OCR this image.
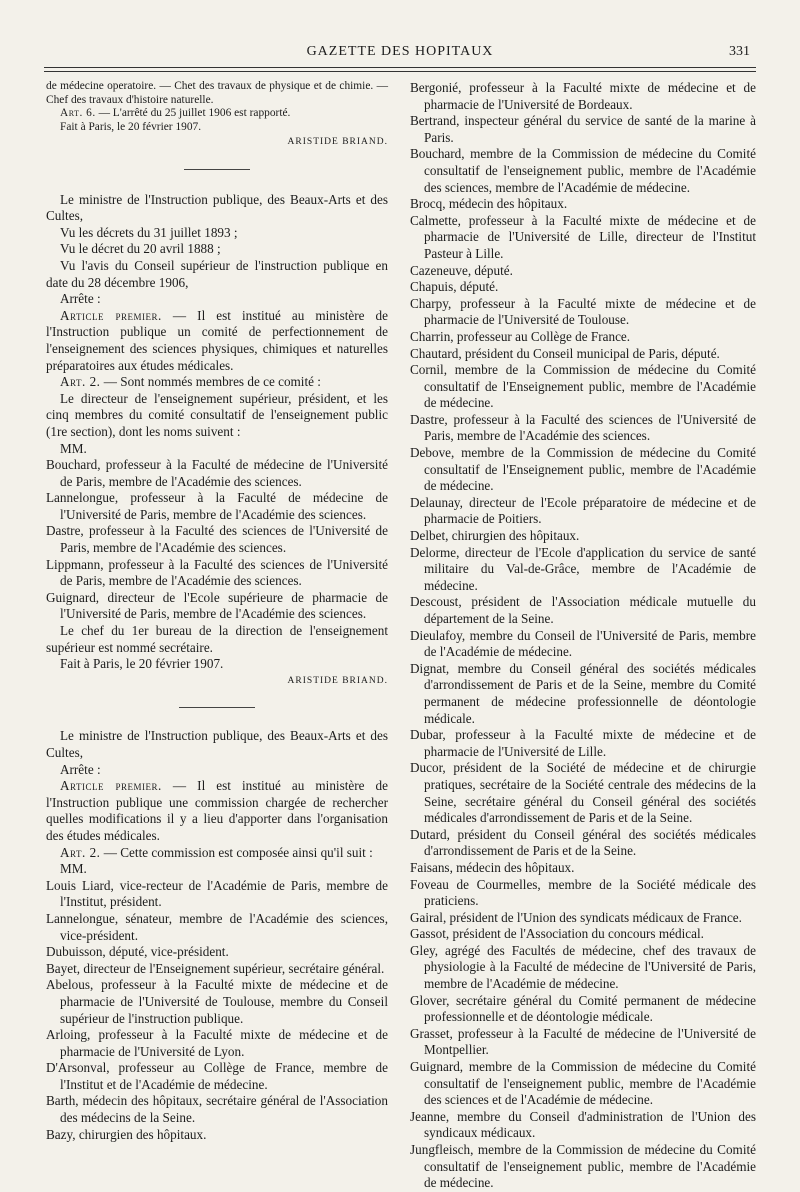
GAZETTE DES HOPITAUX	331

de médecine operatoire. — Chet des travaux de physique et de chimie. — Chef des travaux d'histoire naturelle.

Art. 6. — L'arrêté du 25 juillet 1906 est rapporté.

Fait à Paris, le 20 février 1907.

ARISTIDE BRIAND.

Le ministre de l'Instruction publique, des Beaux-Arts et des Cultes,

Vu les décrets du 31 juillet 1893 ;

Vu le décret du 20 avril 1888 ;

Vu l'avis du Conseil supérieur de l'instruction publique en date du 28 décembre 1906,

Arrête :

Article premier. — Il est institué au ministère de l'Instruction publique un comité de perfectionnement de l'enseignement des sciences physiques, chimiques et naturelles préparatoires aux études médicales.

Art. 2. — Sont nommés membres de ce comité :

Le directeur de l'enseignement supérieur, président, et les cinq membres du comité consultatif de l'enseignement public (1re section), dont les noms suivent :

MM.

Bouchard, professeur à la Faculté de médecine de l'Université de Paris, membre de l'Académie des sciences.

Lannelongue, professeur à la Faculté de médecine de l'Université de Paris, membre de l'Académie des sciences.

Dastre, professeur à la Faculté des sciences de l'Université de Paris, membre de l'Académie des sciences.

Lippmann, professeur à la Faculté des sciences de l'Université de Paris, membre de l'Académie des sciences.

Guignard, directeur de l'Ecole supérieure de pharmacie de l'Université de Paris, membre de l'Académie des sciences.

Le chef du 1er bureau de la direction de l'enseignement supérieur est nommé secrétaire.

Fait à Paris, le 20 février 1907.

ARISTIDE BRIAND.

Le ministre de l'Instruction publique, des Beaux-Arts et des Cultes,

Arrête :

Article premier. — Il est institué au ministère de l'Instruction publique une commission chargée de rechercher quelles modifications il y a lieu d'apporter dans l'organisation des études médicales.

Art. 2. — Cette commission est composée ainsi qu'il suit :

MM.

Louis Liard, vice-recteur de l'Académie de Paris, membre de l'Institut, président.

Lannelongue, sénateur, membre de l'Académie des sciences, vice-président.

Dubuisson, député, vice-président.

Bayet, directeur de l'Enseignement supérieur, secrétaire général.

Abelous, professeur à la Faculté mixte de médecine et de pharmacie de l'Université de Toulouse, membre du Conseil supérieur de l'instruction publique.

Arloing, professeur à la Faculté mixte de médecine et de pharmacie de l'Université de Lyon.

D'Arsonval, professeur au Collège de France, membre de l'Institut et de l'Académie de médecine.

Barth, médecin des hôpitaux, secrétaire général de l'Association des médecins de la Seine.

Bazy, chirurgien des hôpitaux.

Bergonié, professeur à la Faculté mixte de médecine et de pharmacie de l'Université de Bordeaux.

Bertrand, inspecteur général du service de santé de la marine à Paris.

Bouchard, membre de la Commission de médecine du Comité consultatif de l'enseignement public, membre de l'Académie des sciences, membre de l'Académie de médecine.

Brocq, médecin des hôpitaux.

Calmette, professeur à la Faculté mixte de médecine et de pharmacie de l'Université de Lille, directeur de l'Institut Pasteur à Lille.

Cazeneuve, député.

Chapuis, député.

Charpy, professeur à la Faculté mixte de médecine et de pharmacie de l'Université de Toulouse.

Charrin, professeur au Collège de France.

Chautard, président du Conseil municipal de Paris, député.

Cornil, membre de la Commission de médecine du Comité consultatif de l'Enseignement public, membre de l'Académie de médecine.

Dastre, professeur à la Faculté des sciences de l'Université de Paris, membre de l'Académie des sciences.

Debove, membre de la Commission de médecine du Comité consultatif de l'Enseignement public, membre de l'Académie de médecine.

Delaunay, directeur de l'Ecole préparatoire de médecine et de pharmacie de Poitiers.

Delbet, chirurgien des hôpitaux.

Delorme, directeur de l'Ecole d'application du service de santé militaire du Val-de-Grâce, membre de l'Académie de médecine.

Descoust, président de l'Association médicale mutuelle du département de la Seine.

Dieulafoy, membre du Conseil de l'Université de Paris, membre de l'Académie de médecine.

Dignat, membre du Conseil général des sociétés médicales d'arrondissement de Paris et de la Seine, membre du Comité permanent de médecine professionnelle de déontologie médicale.

Dubar, professeur à la Faculté mixte de médecine et de pharmacie de l'Université de Lille.

Ducor, président de la Société de médecine et de chirurgie pratiques, secrétaire de la Société centrale des médecins de la Seine, secrétaire général du Conseil général des sociétés médicales d'arrondissement de Paris et de la Seine.

Dutard, président du Conseil général des sociétés médicales d'arrondissement de Paris et de la Seine.

Faisans, médecin des hôpitaux.

Foveau de Courmelles, membre de la Société médicale des praticiens.

Gairal, président de l'Union des syndicats médicaux de France.

Gassot, président de l'Association du concours médical.

Gley, agrégé des Facultés de médecine, chef des travaux de physiologie à la Faculté de médecine de l'Université de Paris, membre de l'Académie de médecine.

Glover, secrétaire général du Comité permanent de médecine professionnelle et de déontologie médicale.

Grasset, professeur à la Faculté de médecine de l'Université de Montpellier.

Guignard, membre de la Commission de médecine du Comité consultatif de l'enseignement public, membre de l'Académie des sciences et de l'Académie de médecine.

Jeanne, membre du Conseil d'administration de l'Union des syndicaux médicaux.

Jungfleisch, membre de la Commission de médecine du Comité consultatif de l'enseignement public, membre de l'Académie de médecine.
